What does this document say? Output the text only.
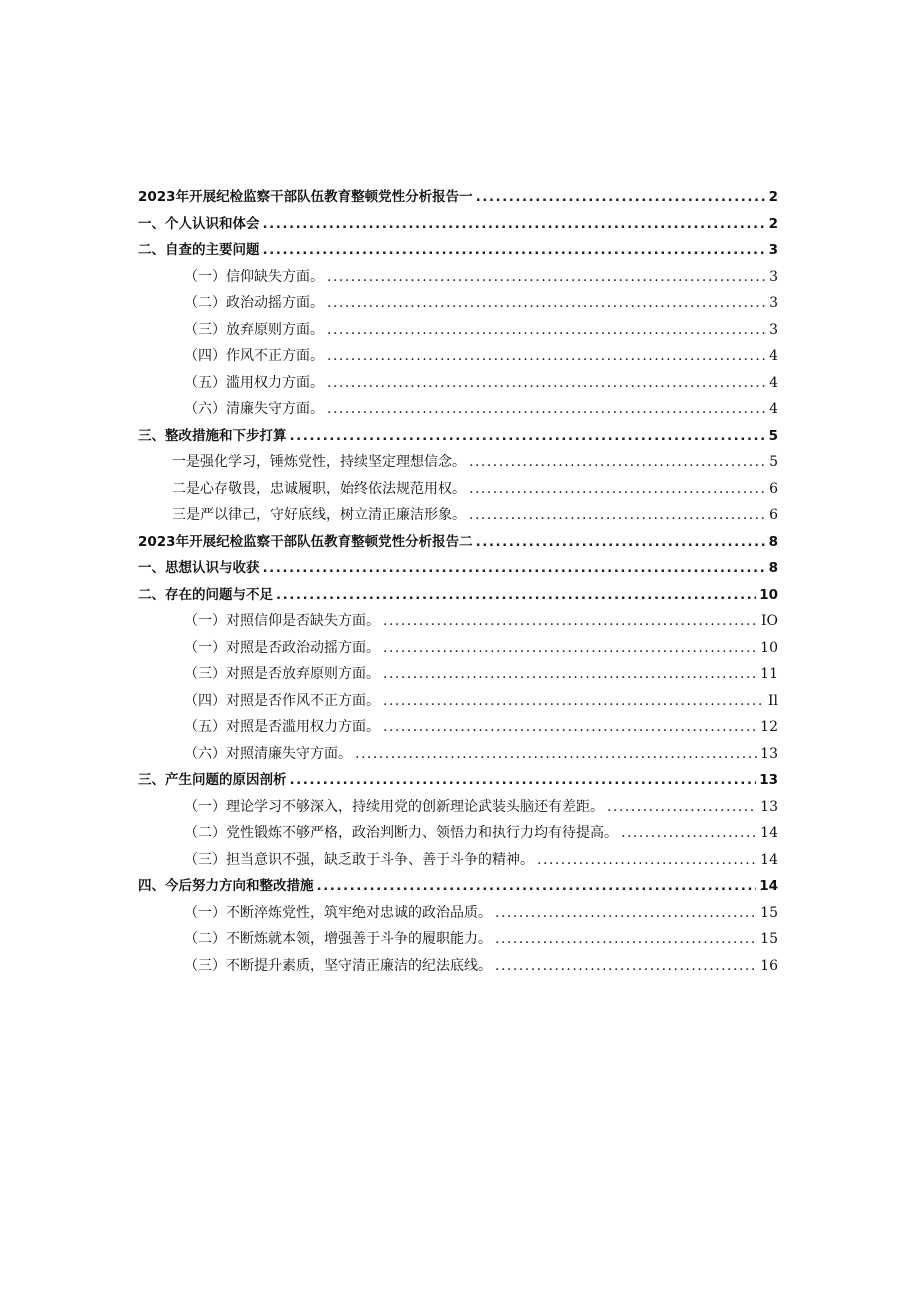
2023年开展纪检监察干部队伍教育整顿党性分析报告一 .....	2
一、个人认识和体会 .....	2
二、自查的主要问题 .....	3
（一）信仰缺失方面。 .....	3
（二）政治动摇方面。 .....	3
（三）放弃原则方面。 .....	3
（四）作风不正方面。 .....	4
（五）滥用权力方面。 .....	4
（六）清廉失守方面。 .....	4
三、整改措施和下步打算 .....	5
一是强化学习，锤炼党性，持续坚定理想信念。 .....	5
二是心存敬畏，忠诚履职，始终依法规范用权。 .....	6
三是严以律己，守好底线，树立清正廉洁形象。 .....	6
2023年开展纪检监察干部队伍教育整顿党性分析报告二 .....	8
一、思想认识与收获 .....	8
二、存在的问题与不足 .....	10
（一）对照信仰是否缺失方面。 .....	IO
（一）对照是否政治动摇方面。 .....	10
（三）对照是否放弃原则方面。 .....	11
（四）对照是否作风不正方面。 .....	Il
（五）对照是否滥用权力方面。 .....	12
（六）对照清廉失守方面。 .....	13
三、产生问题的原因剖析 .....	13
（一）理论学习不够深入，持续用党的创新理论武装头脑还有差距。 .....	13
（二）党性锻炼不够严格，政治判断力、领悟力和执行力均有待提高。 .....	14
（三）担当意识不强，缺乏敢于斗争、善于斗争的精神。 .....	14
四、今后努力方向和整改措施 .....	14
（一）不断淬炼党性，筑牢绝对忠诚的政治品质。 .....	15
（二）不断炼就本领，增强善于斗争的履职能力。 .....	15
（三）不断提升素质，坚守清正廉洁的纪法底线。 .....	16
